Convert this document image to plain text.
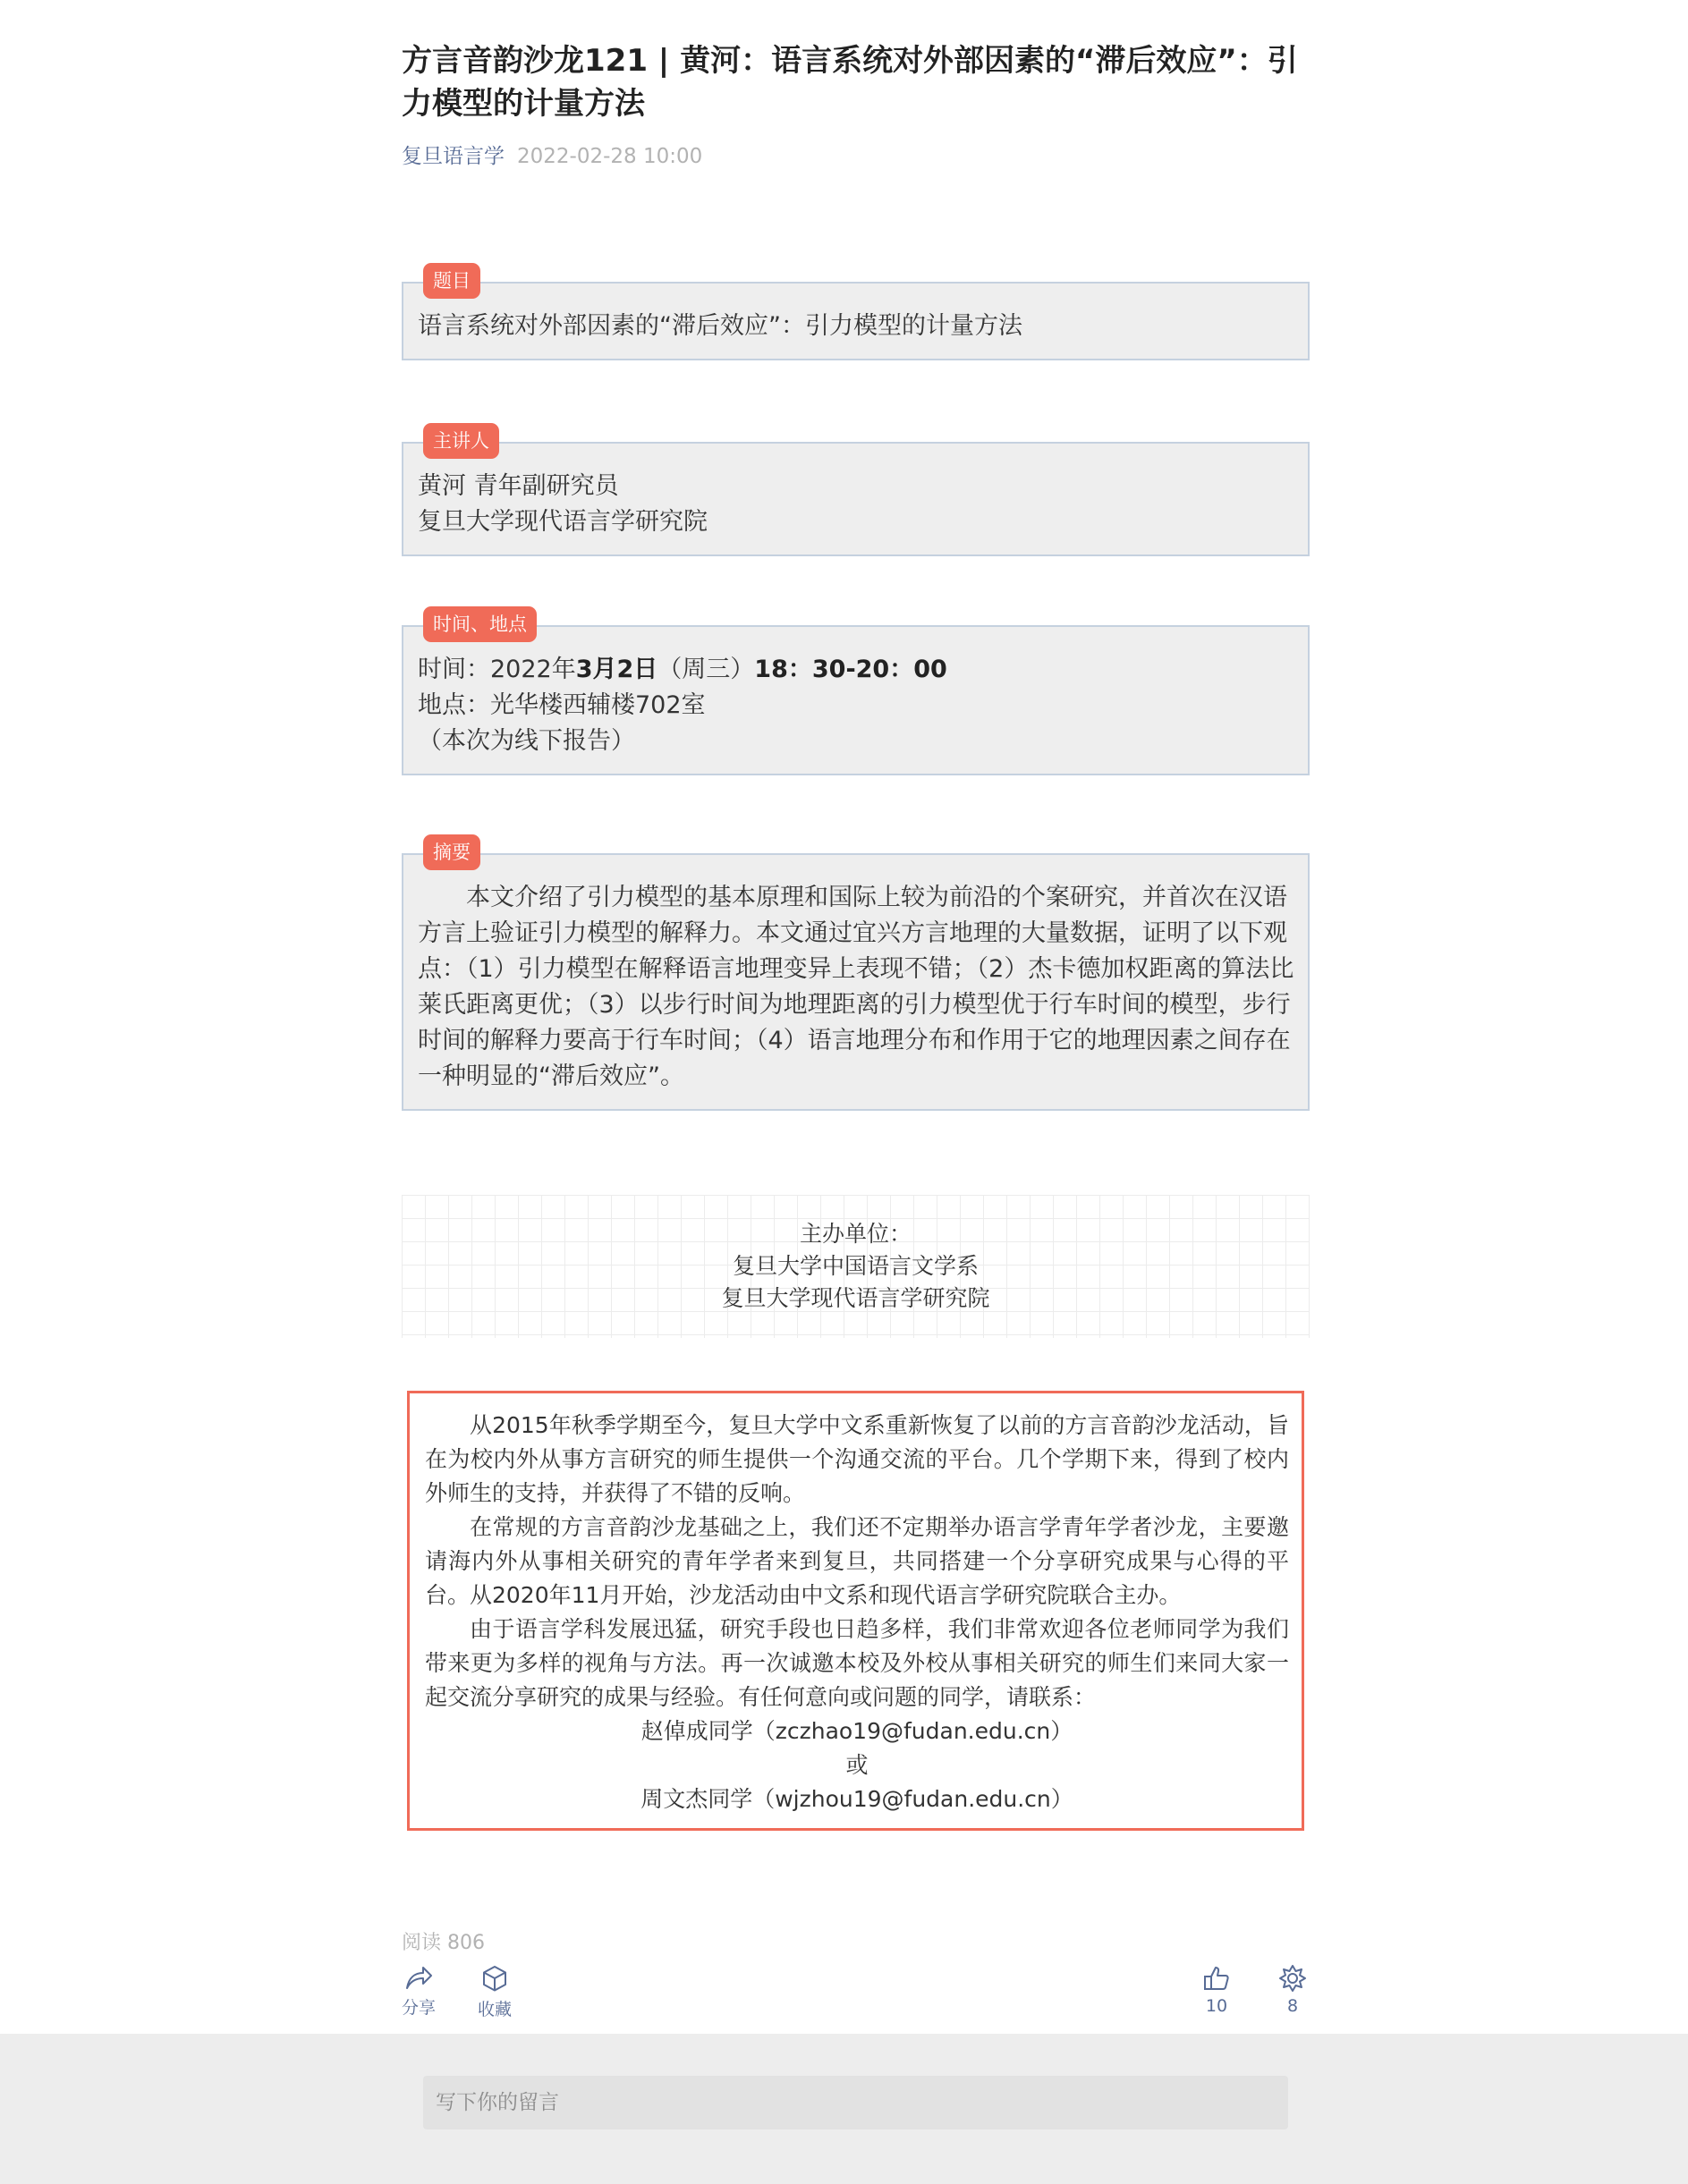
方言音韵沙龙121 | 黄河：语言系统对外部因素的“滞后效应”：引力模型的计量方法
复旦语言学 2022-02-28 10:00
题目

语言系统对外部因素的“滞后效应”：引力模型的计量方法

主讲人

黄河 青年副研究员

复旦大学现代语言学研究院

时间、地点

时间：2022年3月2日（周三）18：30-20：00

地点：光华楼西辅楼702室

（本次为线下报告）

摘要

本文介绍了引力模型的基本原理和国际上较为前沿的个案研究，并首次在汉语方言上验证引力模型的解释力。本文通过宜兴方言地理的大量数据，证明了以下观点：（1）引力模型在解释语言地理变异上表现不错；（2）杰卡德加权距离的算法比莱氏距离更优；（3）以步行时间为地理距离的引力模型优于行车时间的模型，步行时间的解释力要高于行车时间；（4）语言地理分布和作用于它的地理因素之间存在一种明显的“滞后效应”。

主办单位：

复旦大学中国语言文学系

复旦大学现代语言学研究院

从2015年秋季学期至今，复旦大学中文系重新恢复了以前的方言音韵沙龙活动，旨在为校内外从事方言研究的师生提供一个沟通交流的平台。几个学期下来，得到了校内外师生的支持，并获得了不错的反响。

在常规的方言音韵沙龙基础之上，我们还不定期举办语言学青年学者沙龙，主要邀请海内外从事相关研究的青年学者来到复旦，共同搭建一个分享研究成果与心得的平台。从2020年11月开始，沙龙活动由中文系和现代语言学研究院联合主办。

由于语言学科发展迅猛，研究手段也日趋多样，我们非常欢迎各位老师同学为我们带来更为多样的视角与方法。再一次诚邀本校及外校从事相关研究的师生们来同大家一起交流分享研究的成果与经验。有任何意向或问题的同学，请联系：

赵倬成同学（zczhao19@fudan.edu.cn）

或

周文杰同学（wjzhou19@fudan.edu.cn）

阅读 806
分享	收藏	10	8
写下你的留言
